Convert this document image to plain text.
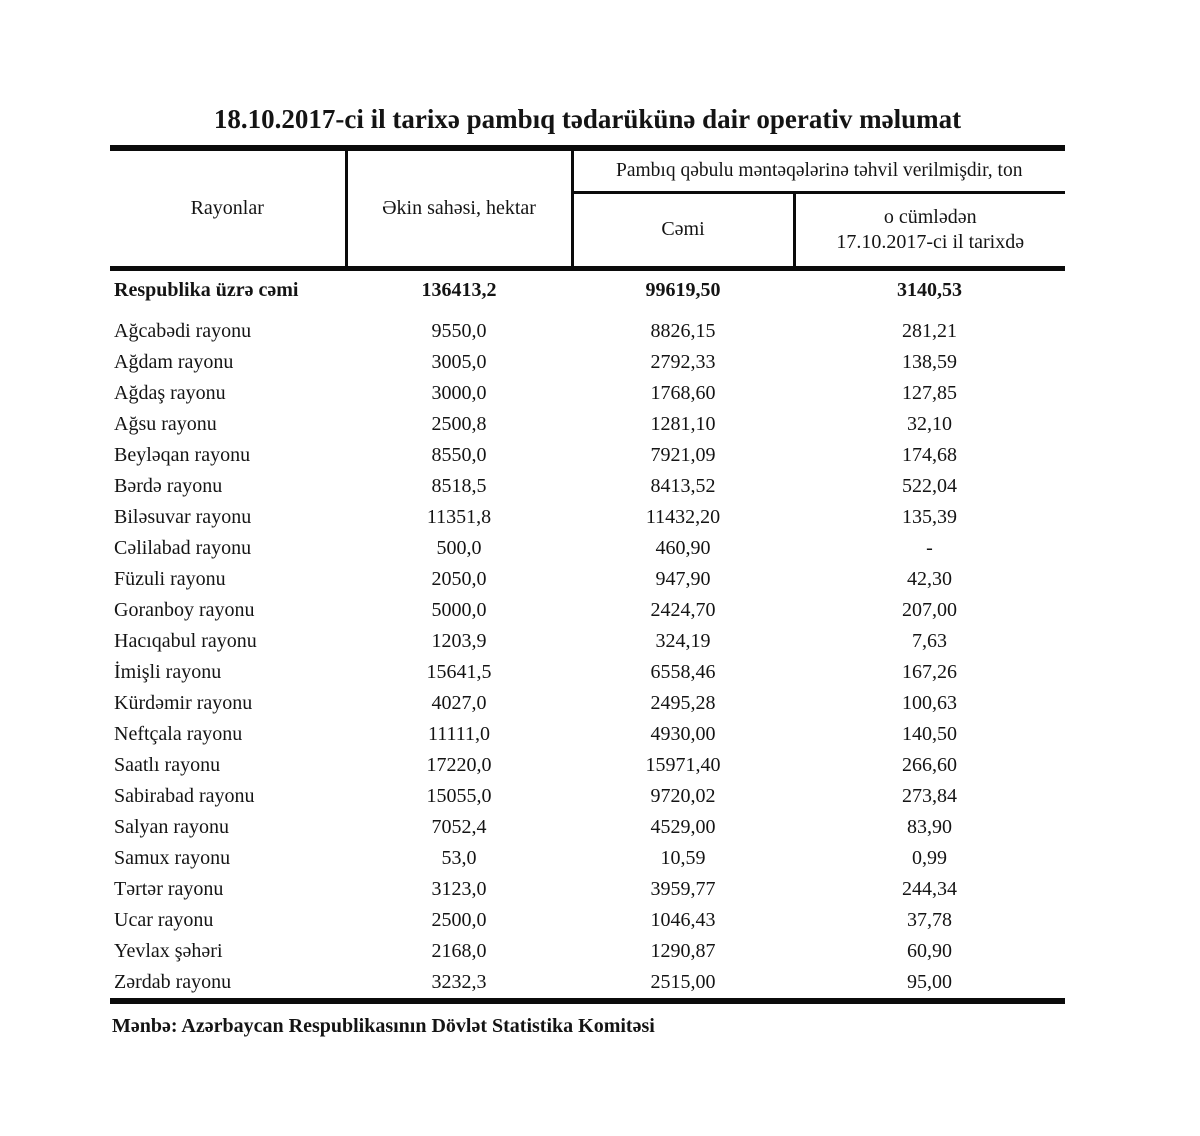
18.10.2017-ci il tarixə pambıq tədarükünə dair operativ məlumat
Rayonlar	Əkin sahəsi, hektar	Pambıq qəbulu məntəqələrinə təhvil verilmişdir, ton	
		Cəmi	o cümlədən
17.10.2017-ci il tarixdə

Respublika üzrə cəmi	136413,2	99619,50	3140,53
Ağcabədi rayonu	9550,0	8826,15	281,21
Ağdam rayonu	3005,0	2792,33	138,59
Ağdaş rayonu	3000,0	1768,60	127,85
Ağsu rayonu	2500,8	1281,10	32,10
Beyləqan rayonu	8550,0	7921,09	174,68
Bərdə rayonu	8518,5	8413,52	522,04
Biləsuvar rayonu	11351,8	11432,20	135,39
Cəlilabad rayonu	500,0	460,90	-
Füzuli rayonu	2050,0	947,90	42,30
Goranboy rayonu	5000,0	2424,70	207,00
Hacıqabul rayonu	1203,9	324,19	7,63
İmişli rayonu	15641,5	6558,46	167,26
Kürdəmir rayonu	4027,0	2495,28	100,63
Neftçala rayonu	11111,0	4930,00	140,50
Saatlı rayonu	17220,0	15971,40	266,60
Sabirabad rayonu	15055,0	9720,02	273,84
Salyan rayonu	7052,4	4529,00	83,90
Samux rayonu	53,0	10,59	0,99
Tərtər rayonu	3123,0	3959,77	244,34
Ucar rayonu	2500,0	1046,43	37,78
Yevlax şəhəri	2168,0	1290,87	60,90
Zərdab rayonu	3232,3	2515,00	95,00

Mənbə: Azərbaycan Respublikasının Dövlət Statistika Komitəsi
